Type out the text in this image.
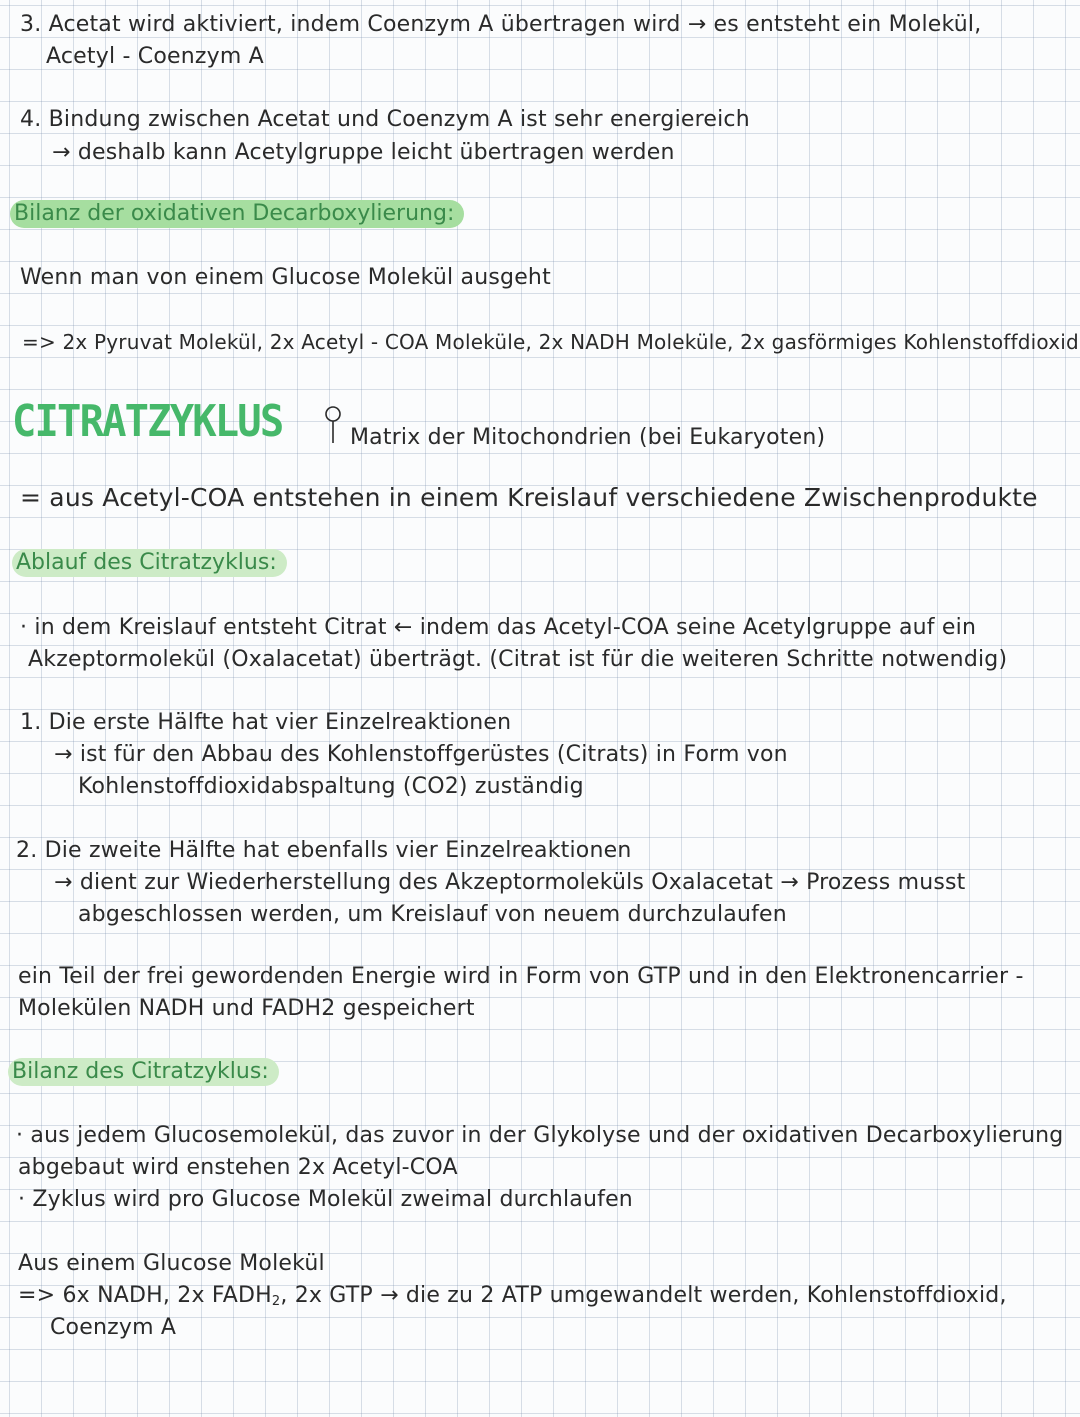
3. Acetat wird aktiviert, indem Coenzym A übertragen wird → es entsteht ein Molekül,
Acetyl - Coenzym A
4. Bindung zwischen Acetat und Coenzym A ist sehr energiereich
→ deshalb kann Acetylgruppe leicht übertragen werden
Bilanz der oxidativen Decarboxylierung:
Wenn man von einem Glucose Molekül ausgeht
=> 2x Pyruvat Molekül, 2x Acetyl - COA Moleküle, 2x NADH Moleküle, 2x gasförmiges Kohlenstoffdioxid
CITRATZYKLUS	Matrix der Mitochondrien (bei Eukaryoten)
= aus Acetyl-COA entstehen in einem Kreislauf verschiedene Zwischenprodukte
Ablauf des Citratzyklus:
· in dem Kreislauf entsteht Citrat ← indem das Acetyl-COA seine Acetylgruppe auf ein
Akzeptormolekül (Oxalacetat) überträgt. (Citrat ist für die weiteren Schritte notwendig)
1. Die erste Hälfte hat vier Einzelreaktionen
→ ist für den Abbau des Kohlenstoffgerüstes (Citrats) in Form von
Kohlenstoffdioxidabspaltung (CO2) zuständig
2. Die zweite Hälfte hat ebenfalls vier Einzelreaktionen
→ dient zur Wiederherstellung des Akzeptormoleküls Oxalacetat → Prozess musst
abgeschlossen werden, um Kreislauf von neuem durchzulaufen
ein Teil der frei gewordenden Energie wird in Form von GTP und in den Elektronencarrier -
Molekülen NADH und FADH2 gespeichert
Bilanz des Citratzyklus:
· aus jedem Glucosemolekül, das zuvor in der Glykolyse und der oxidativen Decarboxylierung
abgebaut wird enstehen 2x Acetyl-COA
· Zyklus wird pro Glucose Molekül zweimal durchlaufen
Aus einem Glucose Molekül
=> 6x NADH, 2x $FADH_2$, 2x GTP → die zu 2 ATP umgewandelt werden, Kohlenstoffdioxid,
Coenzym A
